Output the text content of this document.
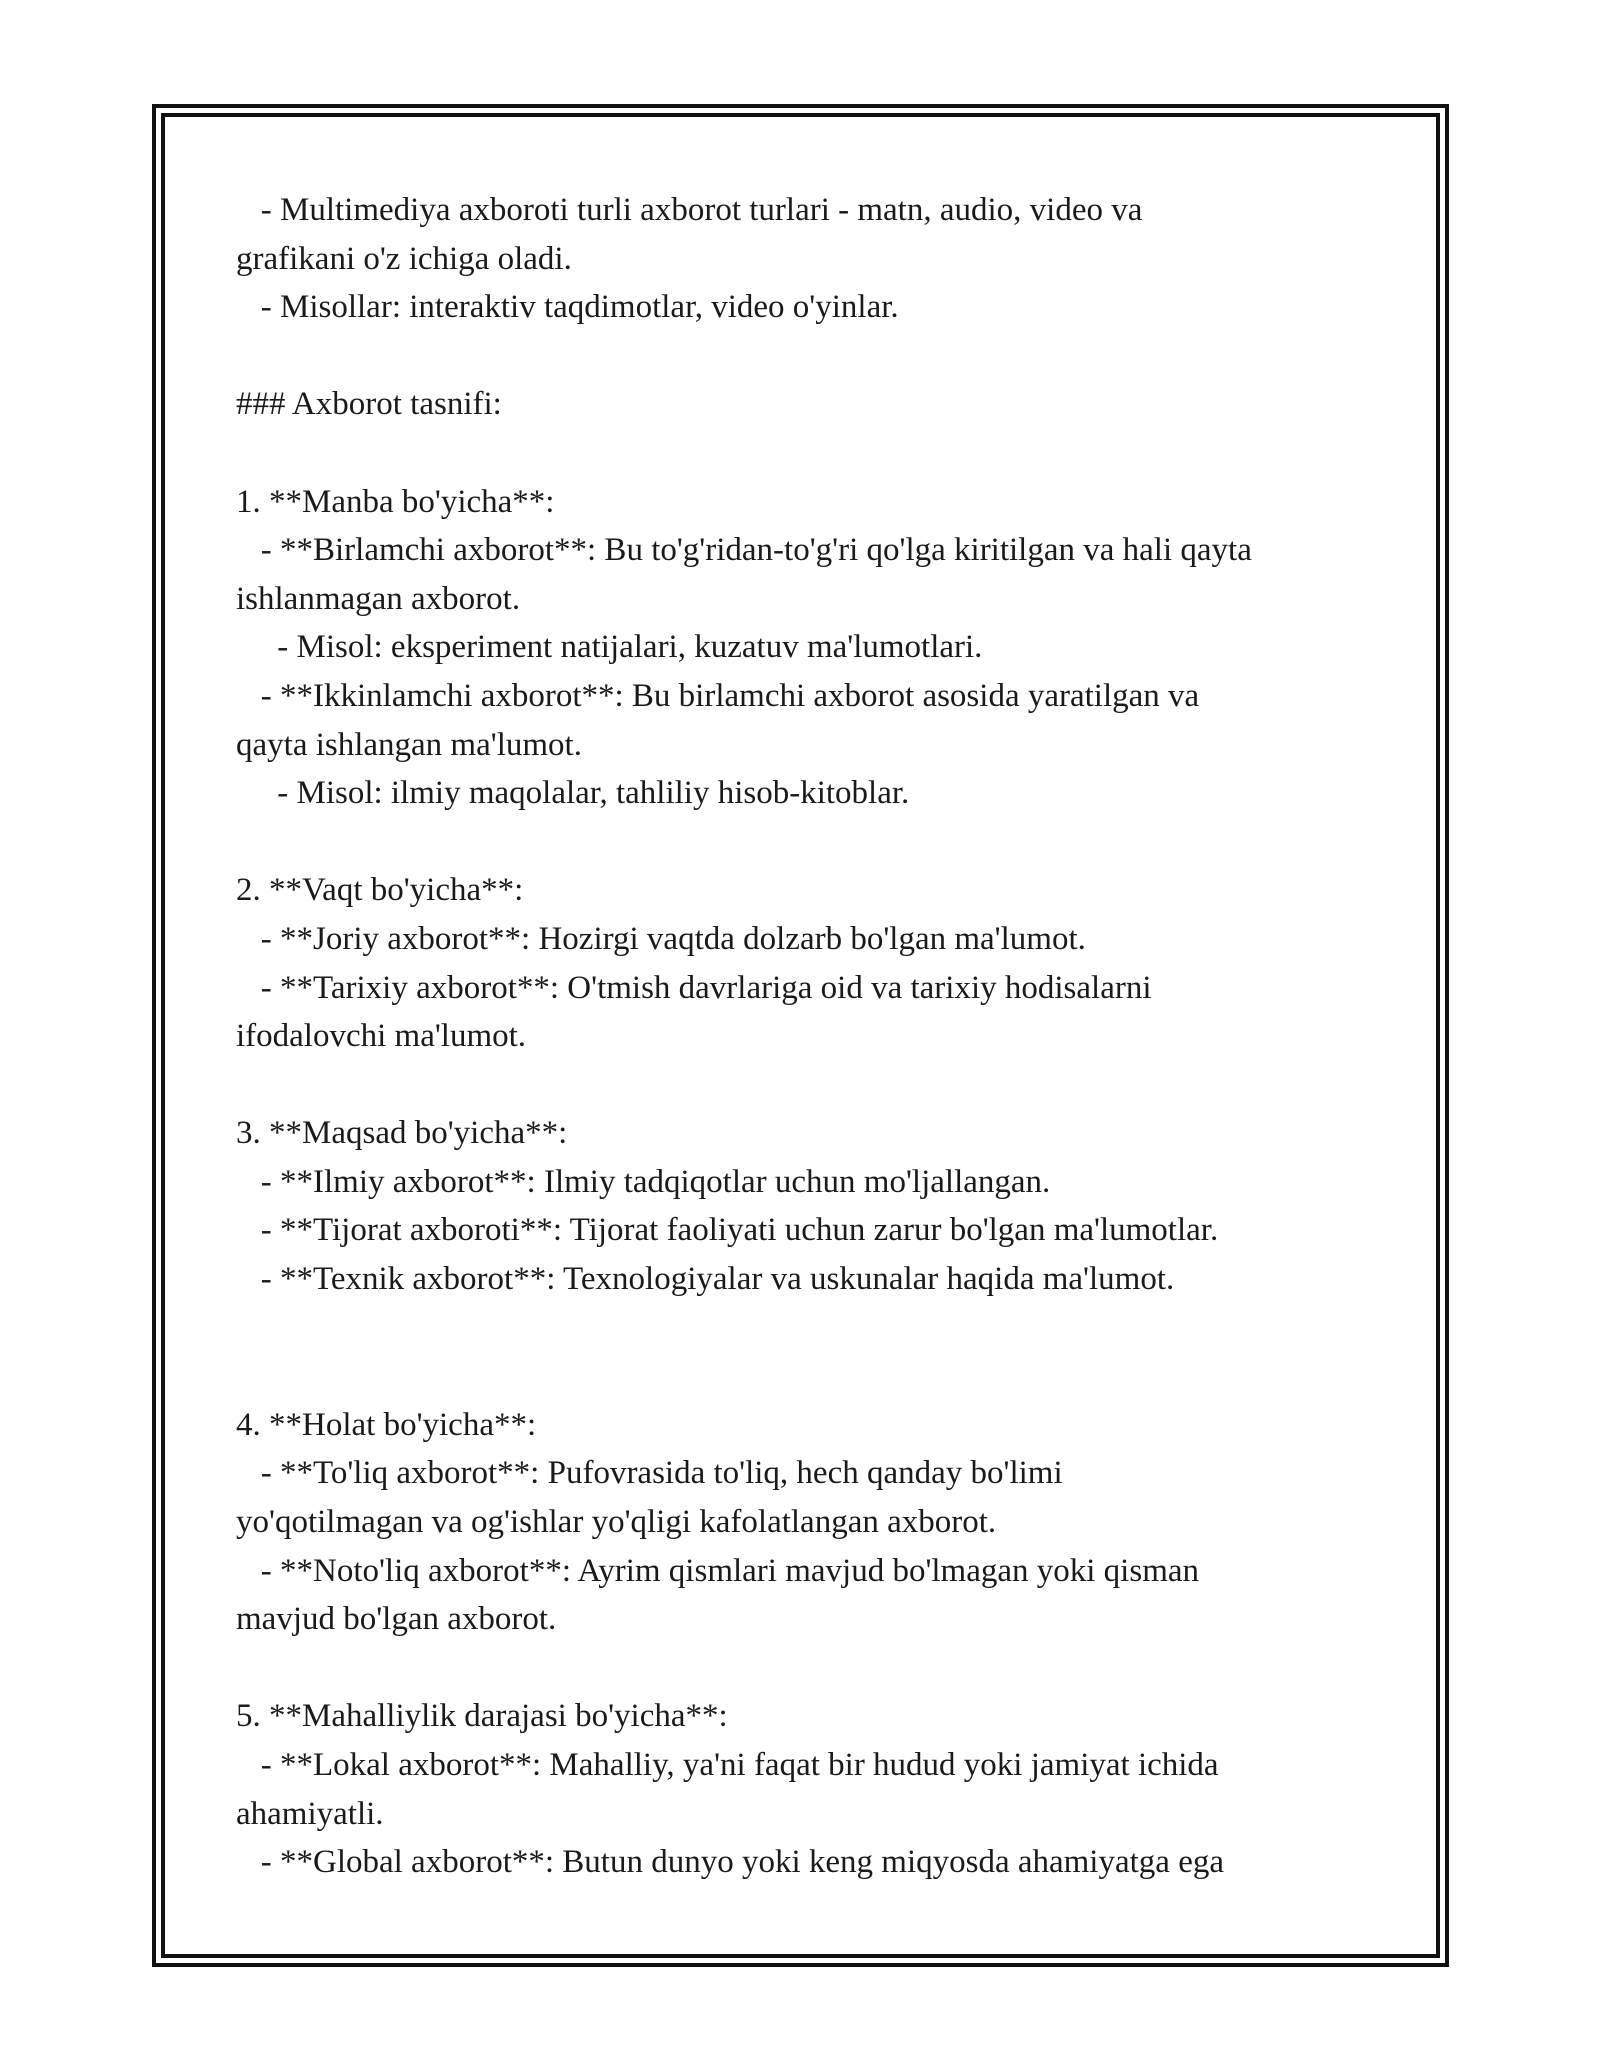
- Multimediya axboroti turli axborot turlari - matn, audio, video va
grafikani o'z ichiga oladi.
- Misollar: interaktiv taqdimotlar, video o'yinlar.
### Axborot tasnifi:
1. **Manba bo'yicha**:
- **Birlamchi axborot**: Bu to'g'ridan-to'g'ri qo'lga kiritilgan va hali qayta
ishlanmagan axborot.
- Misol: eksperiment natijalari, kuzatuv ma'lumotlari.
- **Ikkinlamchi axborot**: Bu birlamchi axborot asosida yaratilgan va
qayta ishlangan ma'lumot.
- Misol: ilmiy maqolalar, tahliliy hisob-kitoblar.
2. **Vaqt bo'yicha**:
- **Joriy axborot**: Hozirgi vaqtda dolzarb bo'lgan ma'lumot.
- **Tarixiy axborot**: O'tmish davrlariga oid va tarixiy hodisalarni
ifodalovchi ma'lumot.
3. **Maqsad bo'yicha**:
- **Ilmiy axborot**: Ilmiy tadqiqotlar uchun mo'ljallangan.
- **Tijorat axboroti**: Tijorat faoliyati uchun zarur bo'lgan ma'lumotlar.
- **Texnik axborot**: Texnologiyalar va uskunalar haqida ma'lumot.
4. **Holat bo'yicha**:
- **To'liq axborot**: Pufovrasida to'liq, hech qanday bo'limi
yo'qotilmagan va og'ishlar yo'qligi kafolatlangan axborot.
- **Noto'liq axborot**: Ayrim qismlari mavjud bo'lmagan yoki qisman
mavjud bo'lgan axborot.
5. **Mahalliylik darajasi bo'yicha**:
- **Lokal axborot**: Mahalliy, ya'ni faqat bir hudud yoki jamiyat ichida
ahamiyatli.
- **Global axborot**: Butun dunyo yoki keng miqyosda ahamiyatga ega
